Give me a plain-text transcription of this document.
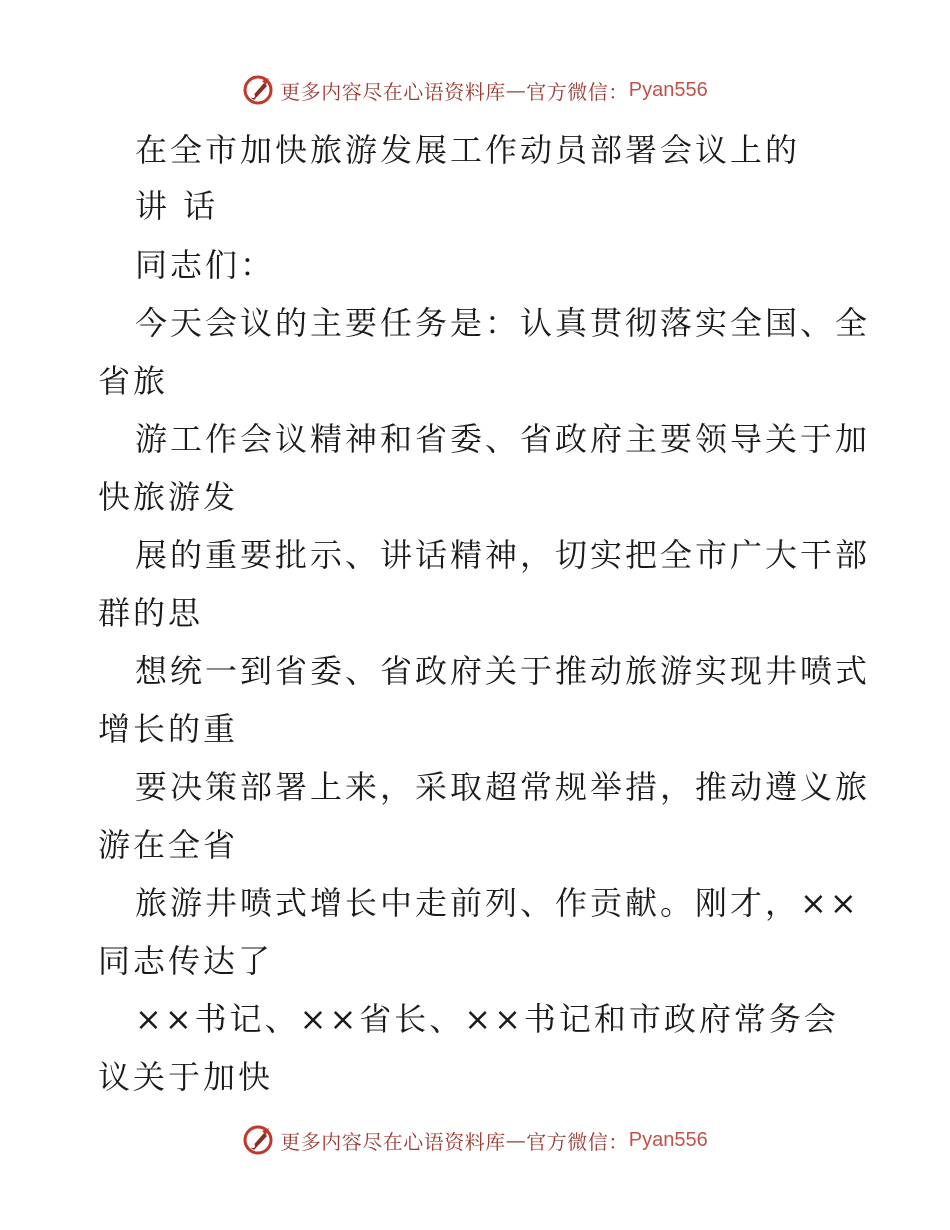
更多内容尽在心语资料库 — 官方微信： Pyan556
在全市加快旅游发展工作动员部署会议上的
讲 话
同志们：
今天会议的主要任务是：认真贯彻落实全国、全
省旅
游工作会议精神和省委、省政府主要领导关于加
快旅游发
展的重要批示、讲话精神，切实把全市广大干部
群的思
想统一到省委、省政府关于推动旅游实现井喷式
增长的重
要决策部署上来，采取超常规举措，推动遵义旅
游在全省
旅游井喷式增长中走前列、作贡献。刚才，××
同志传达了
××书记、××省长、××书记和市政府常务会
议关于加快
更多内容尽在心语资料库 — 官方微信： Pyan556
